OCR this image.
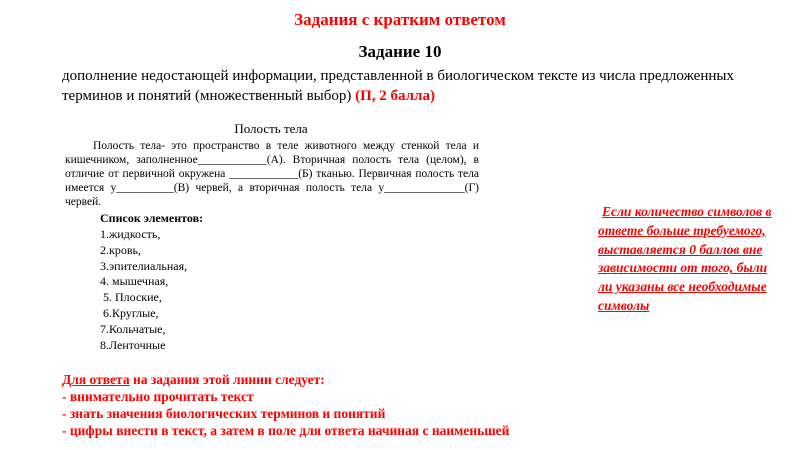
Задания с кратким ответом
Задание 10
дополнение недостающей информации, представленной в биологическом тексте из числа предложенных терминов и понятий (множественный выбор) (П, 2 балла)
Полость тела
Полость тела- это пространство в теле животного между стенкой тела и кишечником, заполненное____________(А). Вторичная полость тела (целом), в отличие от первичной окружена ____________(Б) тканью. Первичная полость тела имеется у__________(В) червей, а вторичная полость тела у______________(Г) червей.
Список элементов:
1.жидкость,
2.кровь,
3.эпителиальная,
4. мышечная,
5. Плоские,
6.Круглые,
7.Кольчатые,
8.Ленточные
Если количество символов в ответе больше требуемого, выставляется 0 баллов вне зависимости от того, были ли указаны все необходимые символы
Для ответа на задания этой линии следует:
- внимательно прочитать текст
- знать значения биологических терминов и понятий
- цифры внести в текст, а затем в поле для ответа начиная с наименьшей
